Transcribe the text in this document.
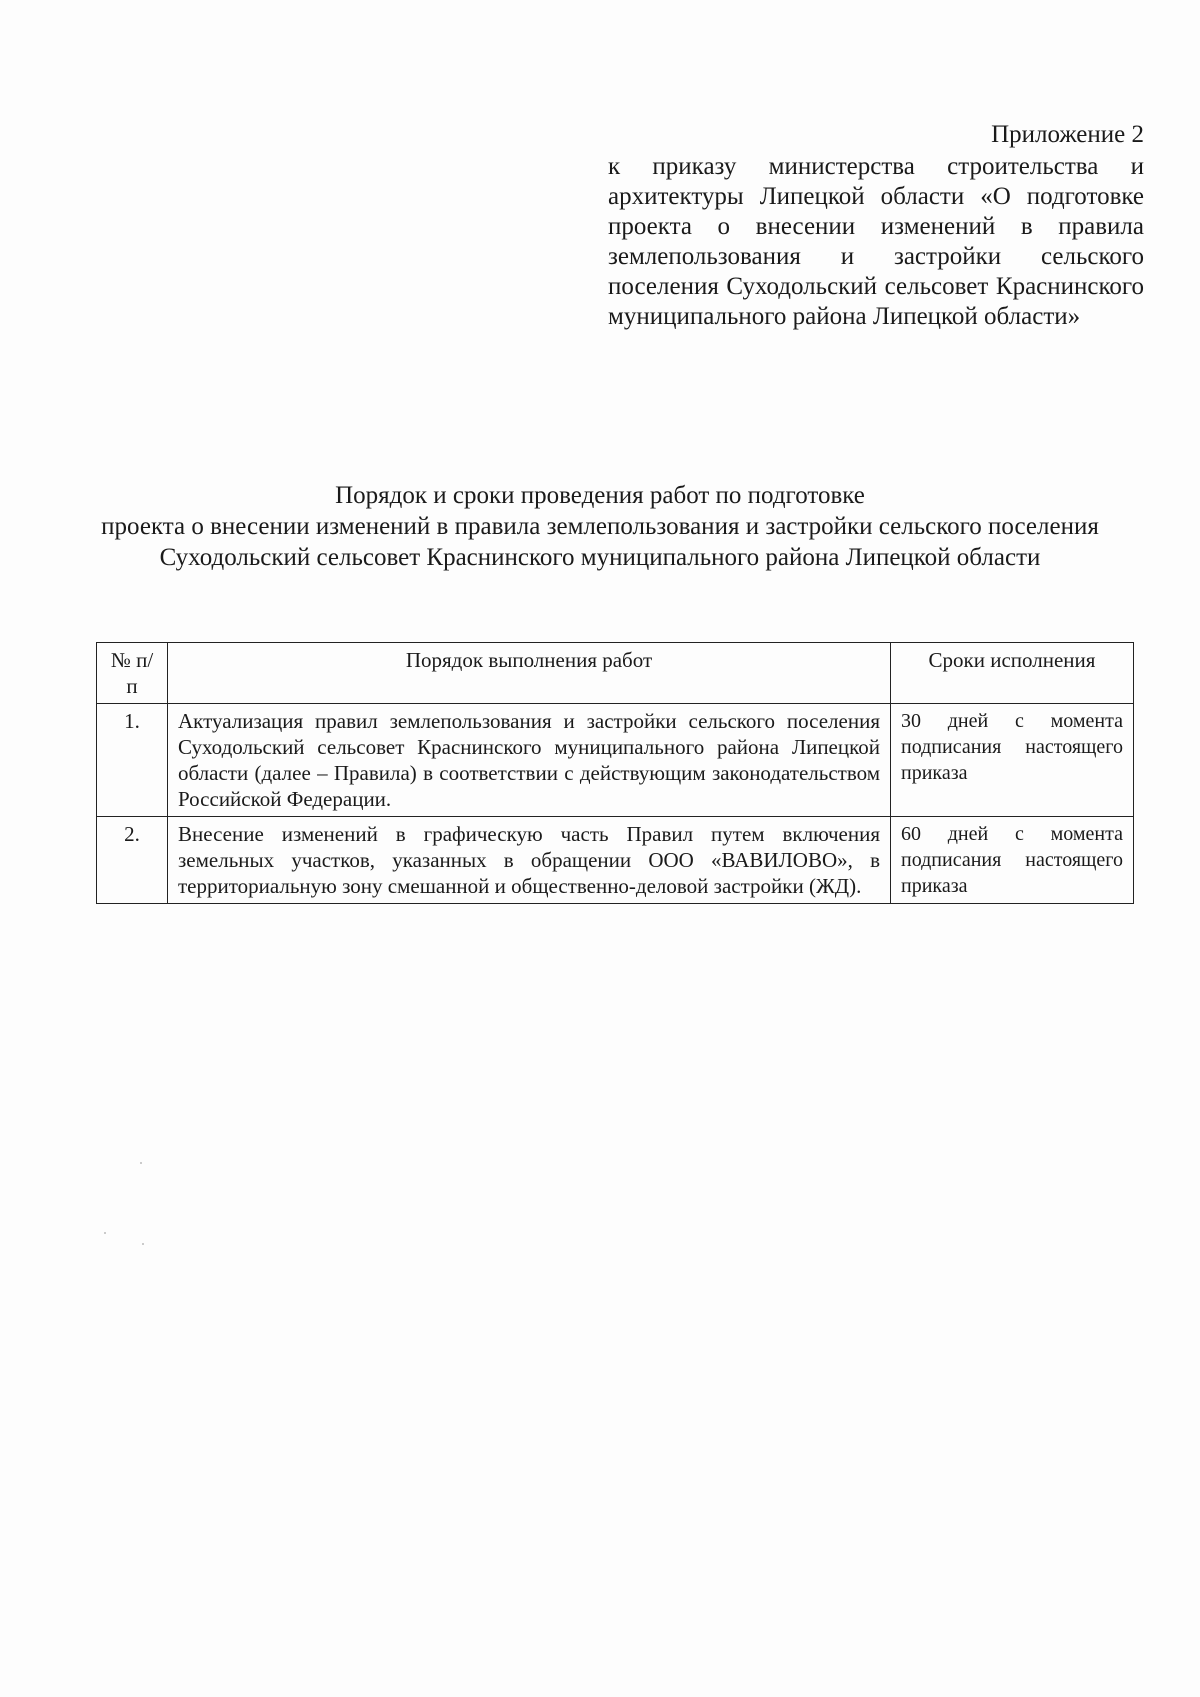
Приложение 2
к приказу министерства строительства и архитектуры Липецкой области «О подготовке проекта о внесении изменений в правила землепользования и застройки сельского поселения Суходольский сельсовет Краснинского муниципального района Липецкой области»
Порядок и сроки проведения работ по подготовке
проекта о внесении изменений в правила землепользования и застройки сельского поселения Суходольский сельсовет Краснинского муниципального района Липецкой области
№ п/п	Порядок выполнения работ	Сроки исполнения
1.	Актуализация правил землепользования и застройки сельского поселения Суходольский сельсовет Краснинского муниципального района Липецкой области (далее – Правила) в соответствии с действующим законодательством Российской Федерации.	30 дней с момента подписания настоящего приказа
2.	Внесение изменений в графическую часть Правил путем включения земельных участков, указанных в обращении ООО «ВАВИЛОВО», в территориальную зону смешанной и общественно-деловой застройки (ЖД).	60 дней с момента подписания настоящего приказа
